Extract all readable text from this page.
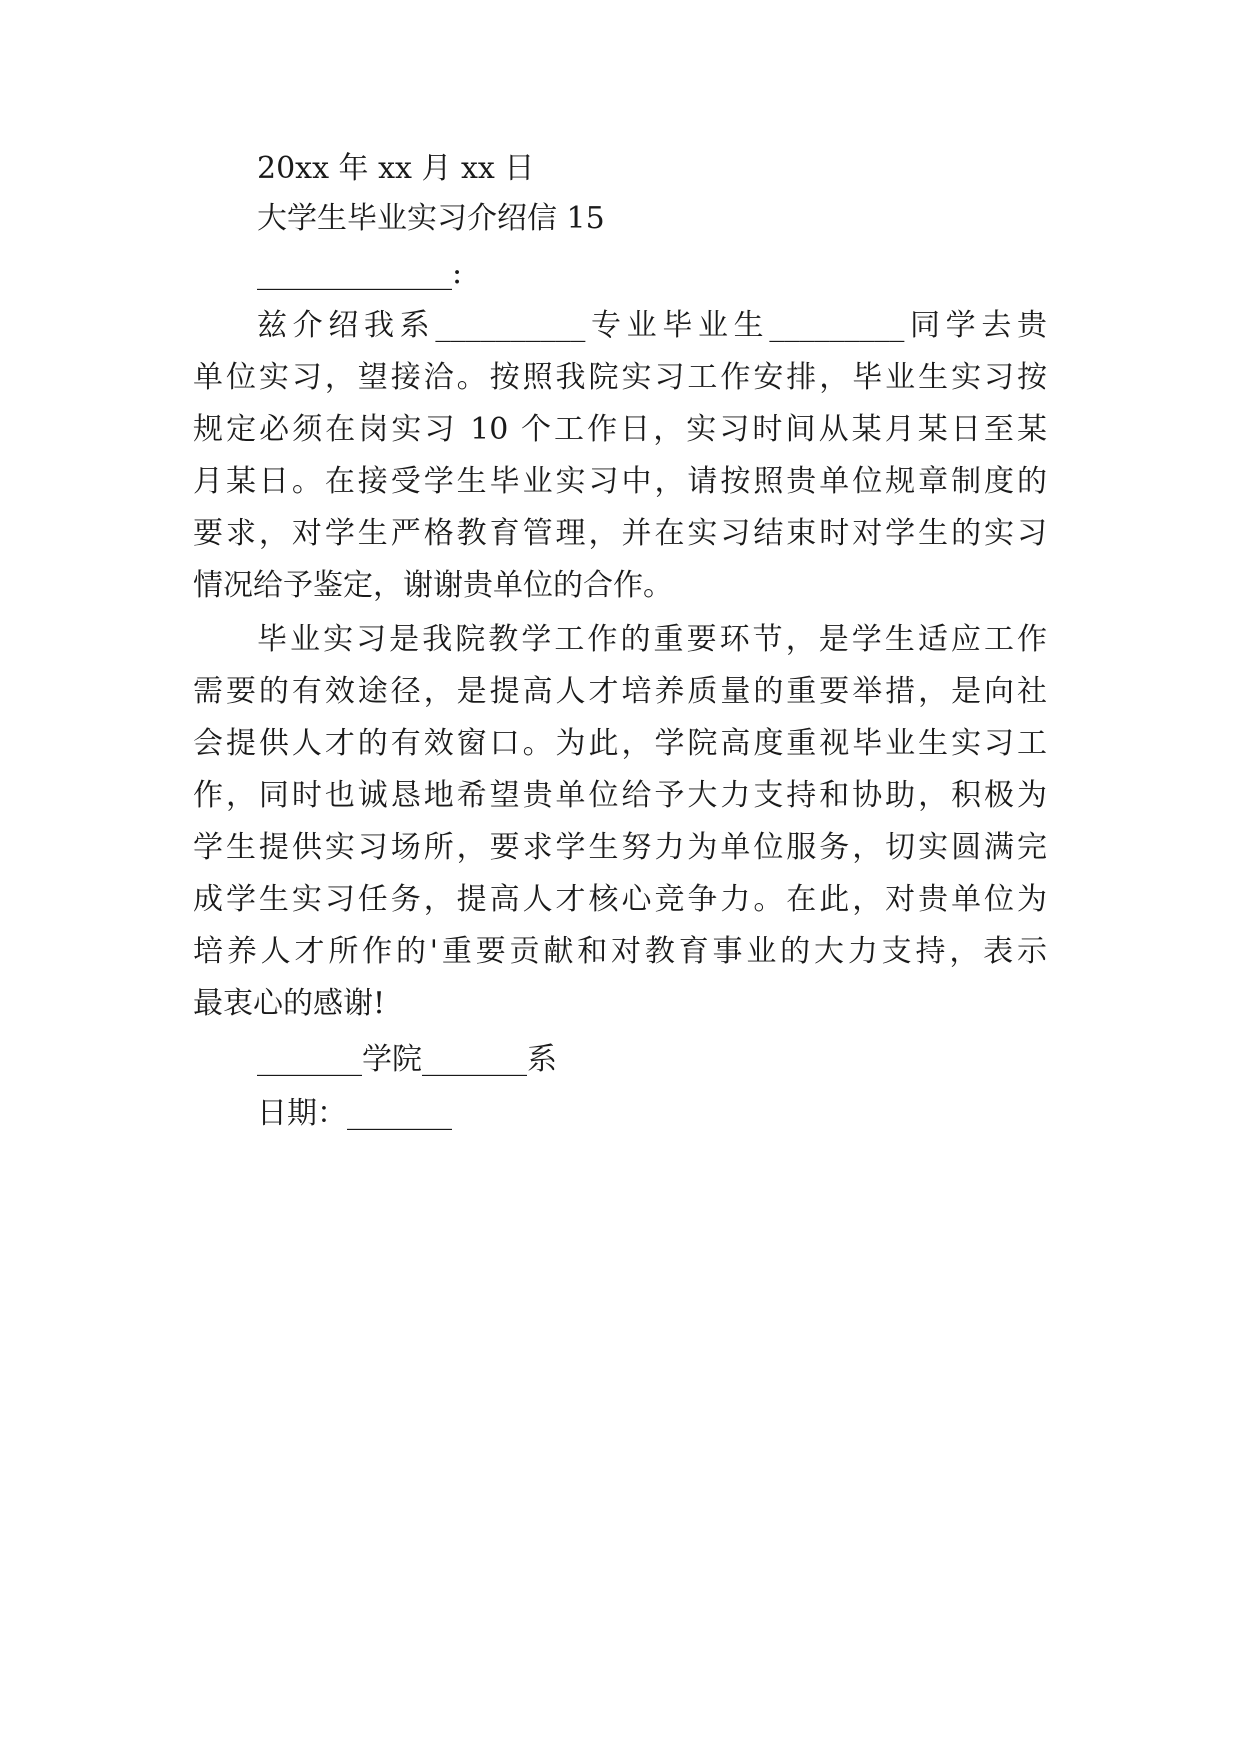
20xx 年 xx 月 xx 日
大学生毕业实习介绍信 15
_____________:
兹介绍我系__________专业毕业生_________同学去贵
单位实习，望接洽。按照我院实习工作安排，毕业生实习按
规定必须在岗实习 10 个工作日，实习时间从某月某日至某
月某日。在接受学生毕业实习中，请按照贵单位规章制度的
要求，对学生严格教育管理，并在实习结束时对学生的实习
情况给予鉴定，谢谢贵单位的合作。
毕业实习是我院教学工作的重要环节，是学生适应工作
需要的有效途径，是提高人才培养质量的重要举措，是向社
会提供人才的有效窗口。为此，学院高度重视毕业生实习工
作，同时也诚恳地希望贵单位给予大力支持和协助，积极为
学生提供实习场所，要求学生努力为单位服务，切实圆满完
成学生实习任务，提高人才核心竞争力。在此，对贵单位为
培养人才所作的'重要贡献和对教育事业的大力支持，表示
最衷心的感谢!
_______学院_______系
日期：_______
